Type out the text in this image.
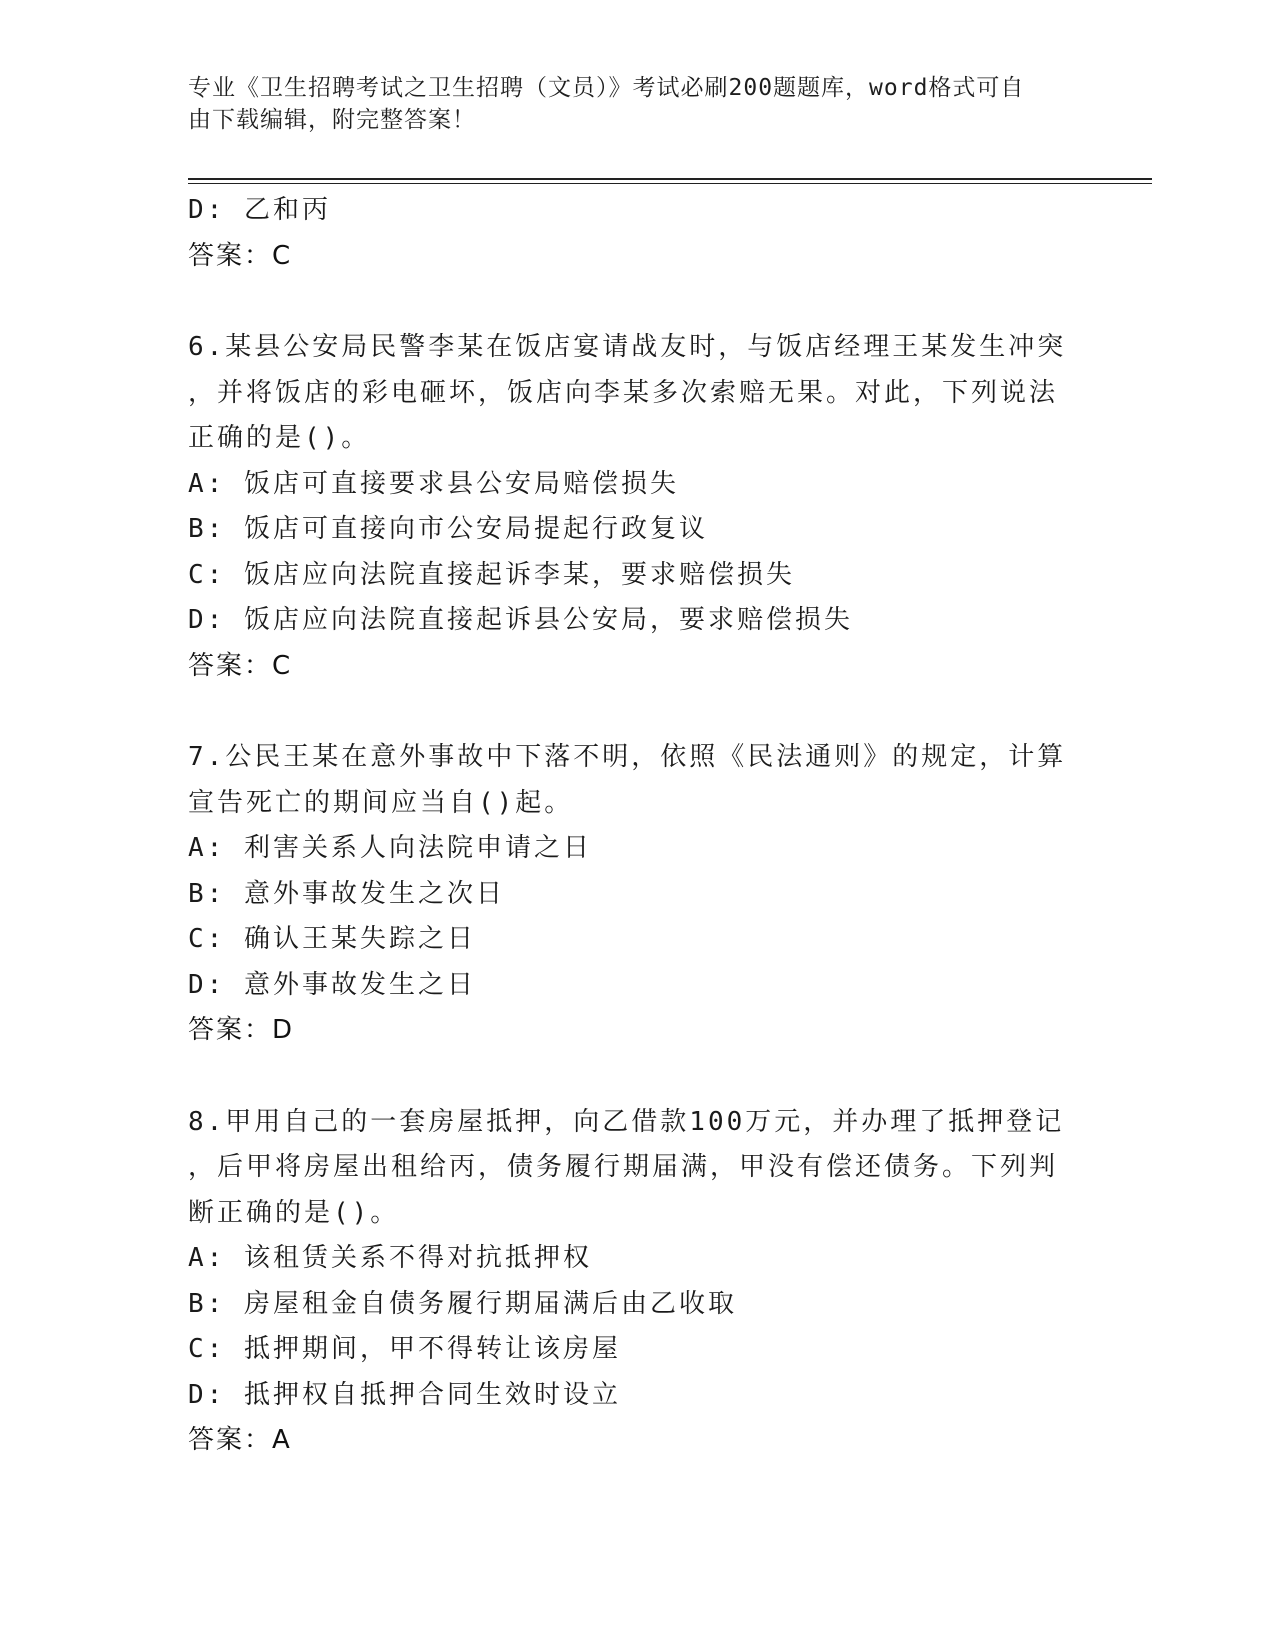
专业《卫生招聘考试之卫生招聘（文员）》考试必刷200题题库，word格式可自
由下载编辑，附完整答案！
D: 乙和丙
答案：C
6.某县公安局民警李某在饭店宴请战友时，与饭店经理王某发生冲突
，并将饭店的彩电砸坏，饭店向李某多次索赔无果。对此，下列说法
正确的是()。
A: 饭店可直接要求县公安局赔偿损失
B: 饭店可直接向市公安局提起行政复议
C: 饭店应向法院直接起诉李某，要求赔偿损失
D: 饭店应向法院直接起诉县公安局，要求赔偿损失
答案：C
7.公民王某在意外事故中下落不明，依照《民法通则》的规定，计算
宣告死亡的期间应当自()起。
A: 利害关系人向法院申请之日
B: 意外事故发生之次日
C: 确认王某失踪之日
D: 意外事故发生之日
答案：D
8.甲用自己的一套房屋抵押，向乙借款100万元，并办理了抵押登记
，后甲将房屋出租给丙，债务履行期届满，甲没有偿还债务。下列判
断正确的是()。
A: 该租赁关系不得对抗抵押权
B: 房屋租金自债务履行期届满后由乙收取
C: 抵押期间，甲不得转让该房屋
D: 抵押权自抵押合同生效时设立
答案：A
